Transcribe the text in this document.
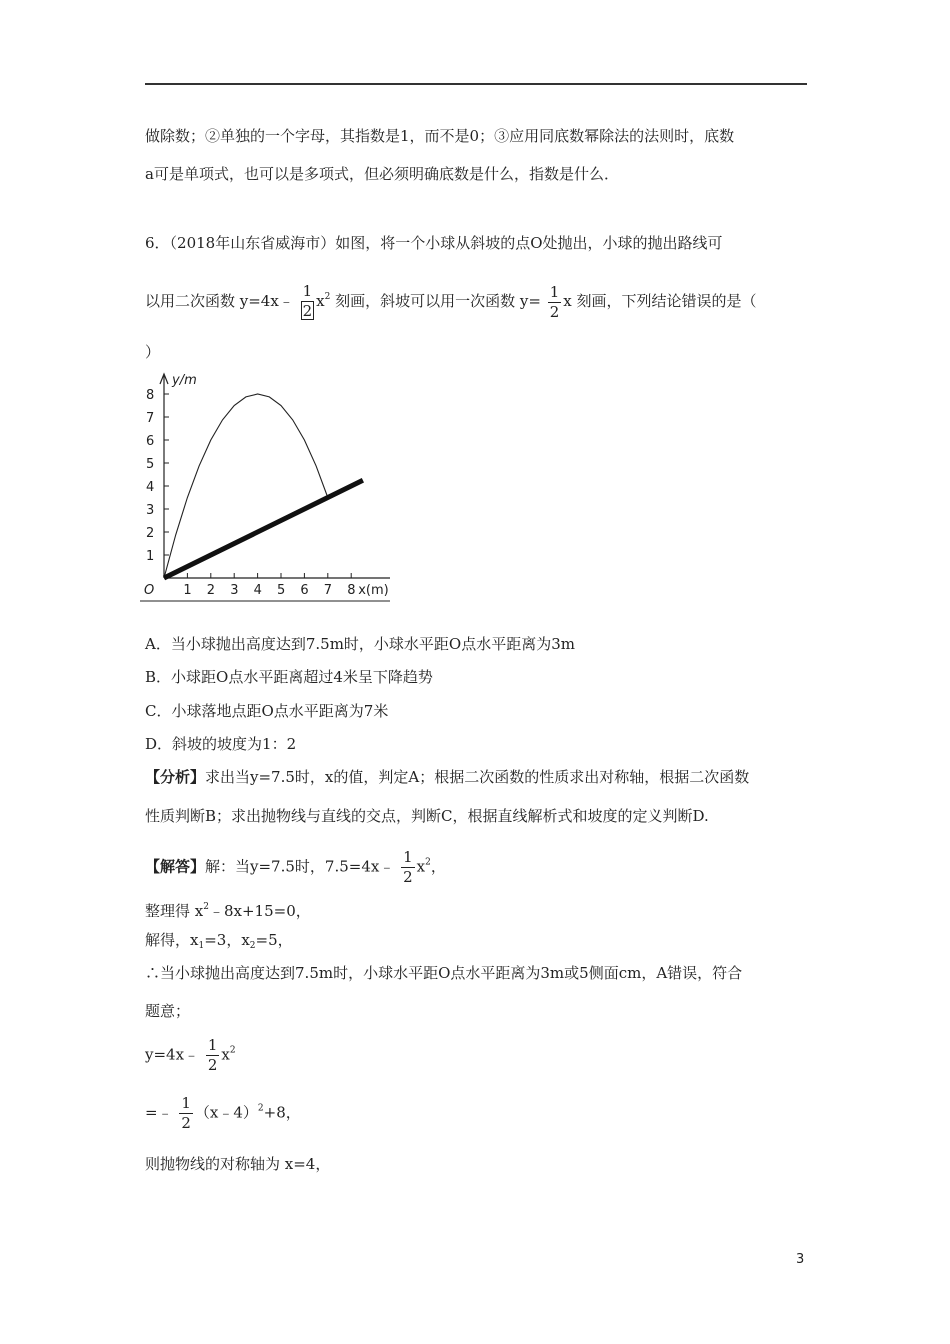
做除数；②单独的一个字母，其指数是1，而不是0；③应用同底数幂除法的法则时，底数
a可是单项式，也可以是多项式，但必须明确底数是什么，指数是什么．
6．（2018年山东省威海市）如图，将一个小球从斜坡的点O处抛出，小球的抛出路线可
以用二次函数 y=4x﹣ $\frac{1}{2} x^2$ 刻画，斜坡可以用一次函数 $y= \frac{1}{2}$ x 刻画，下列结论错误的是（
）
y/m
x(m)
O 1 2 3 4 5 6 7 8
1
2
3
4
5
6
7
8
A．当小球抛出高度达到7.5m时，小球水平距O点水平距离为3m
B．小球距O点水平距离超过4米呈下降趋势
C．小球落地点距O点水平距离为7米
D．斜坡的坡度为1：2
【分析】求出当y=7.5时，x的值，判定A；根据二次函数的性质求出对称轴，根据二次函数
性质判断B；求出抛物线与直线的交点，判断C，根据直线解析式和坡度的定义判断D.
【解答】解：当y=7.5时，7.5=4x﹣ $\frac{1}{2} x^2$，
整理得 $x^2﹣8x+15=0$，
解得，$x_1=3$，$x_2=5$，
∴当小球抛出高度达到7.5m时，小球水平距O点水平距离为3m或5侧面cm，A错误，符合
题意；
y=4x﹣ $\frac{1}{2} x^2$
=﹣ $\frac{1}{2}$ （x﹣4）$^2$+8，
则抛物线的对称轴为 x=4，
3
